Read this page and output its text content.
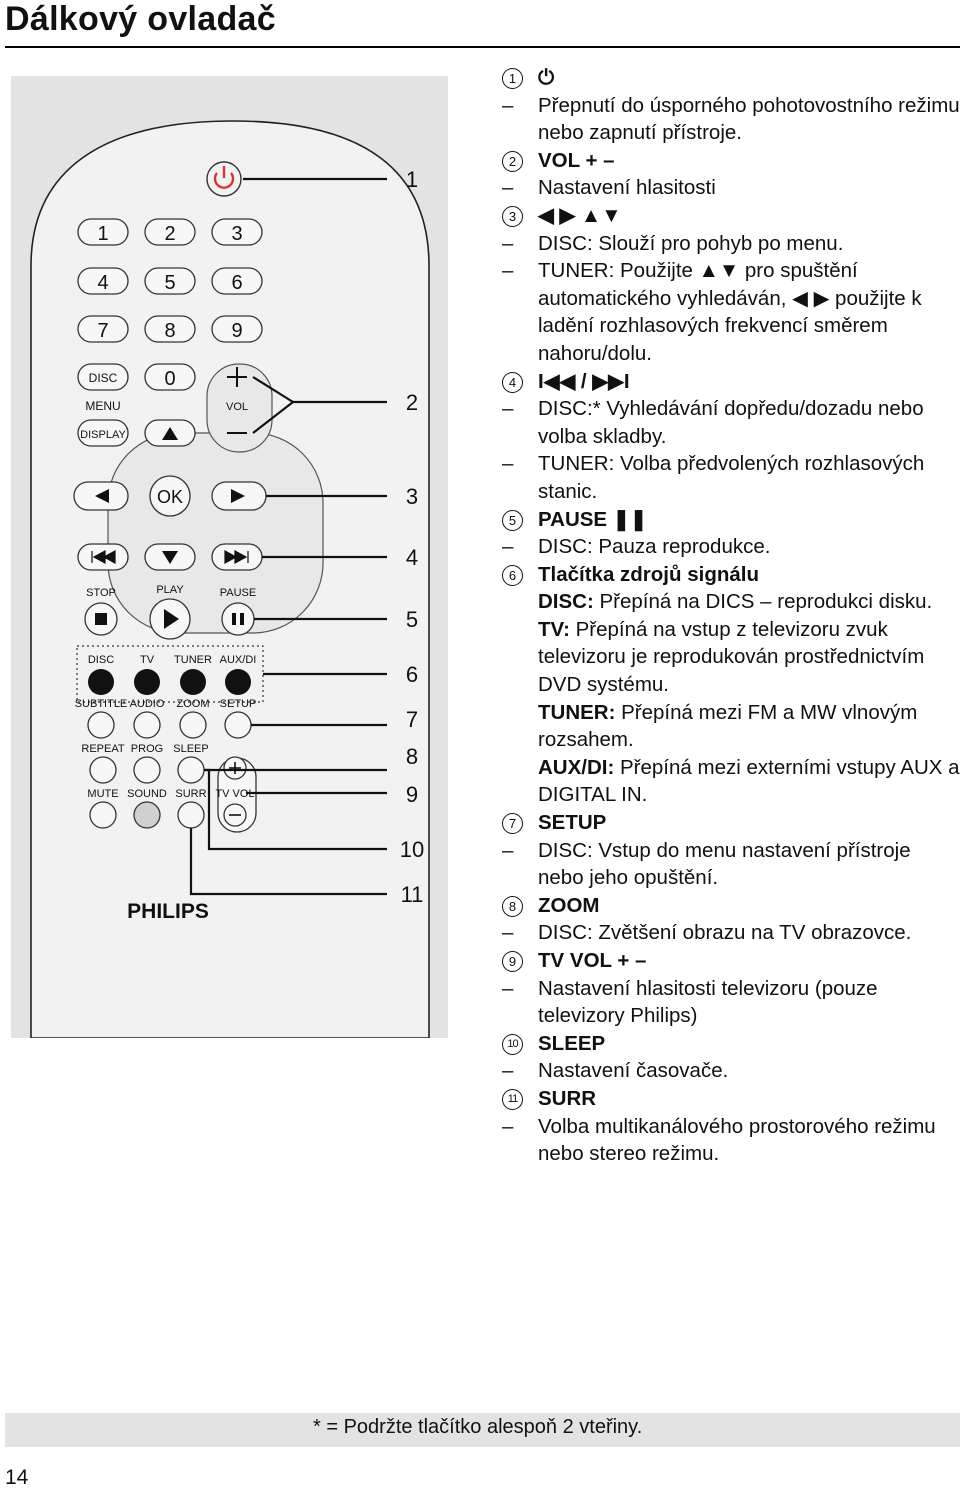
Dálkový ovladač
1	2	3
4	5	6
7	8	9
DISC 0
MENU	VOL
DISPLAY
OK
STOP	PLAY	PAUSE
DISC TV TUNER AUX/DI
SUBTITLE AUDIO ZOOM SETUP
REPEAT PROG SLEEP
TV VOL
MUTE SOUND SURR
PHILIPS
1
2
3
4
5
6
7
8
9
10
11
1	⏻
– Přepnutí do úsporného pohotovostního režimu nebo zapnutí přístroje.
2	VOL + –
– Nastavení hlasitosti
3	◀ ▶ ▲▼
– DISC: Slouží pro pohyb po menu.
– TUNER: Použijte ▲▼ pro spuštění automatického vyhledáván, ◀ ▶ použijte k ladění rozhlasových frekvencí směrem nahoru/dolu.
4	I◀◀ / ▶▶I
– DISC:* Vyhledávání dopředu/dozadu nebo volba skladby.
– TUNER: Volba předvolených rozhlasových stanic.
5	PAUSE ❚❚
– DISC: Pauza reprodukce.
6	Tlačítka zdrojů signálu
DISC: Přepíná na DICS – reprodukci disku.
TV: Přepíná na vstup z televizoru zvuk televizoru je reprodukován prostřednictvím DVD systému.
TUNER: Přepíná mezi FM a MW vlnovým rozsahem.
AUX/DI: Přepíná mezi externími vstupy AUX a DIGITAL IN.
7	SETUP
– DISC: Vstup do menu nastavení přístroje nebo jeho opuštění.
8	ZOOM
– DISC: Zvětšení obrazu na TV obrazovce.
9	TV VOL + –
– Nastavení hlasitosti televizoru (pouze televizory Philips)
10 SLEEP
– Nastavení časovače.
11 SURR
– Volba multikanálového prostorového režimu nebo stereo režimu.
* = Podržte tlačítko alespoň 2 vteřiny.
14
